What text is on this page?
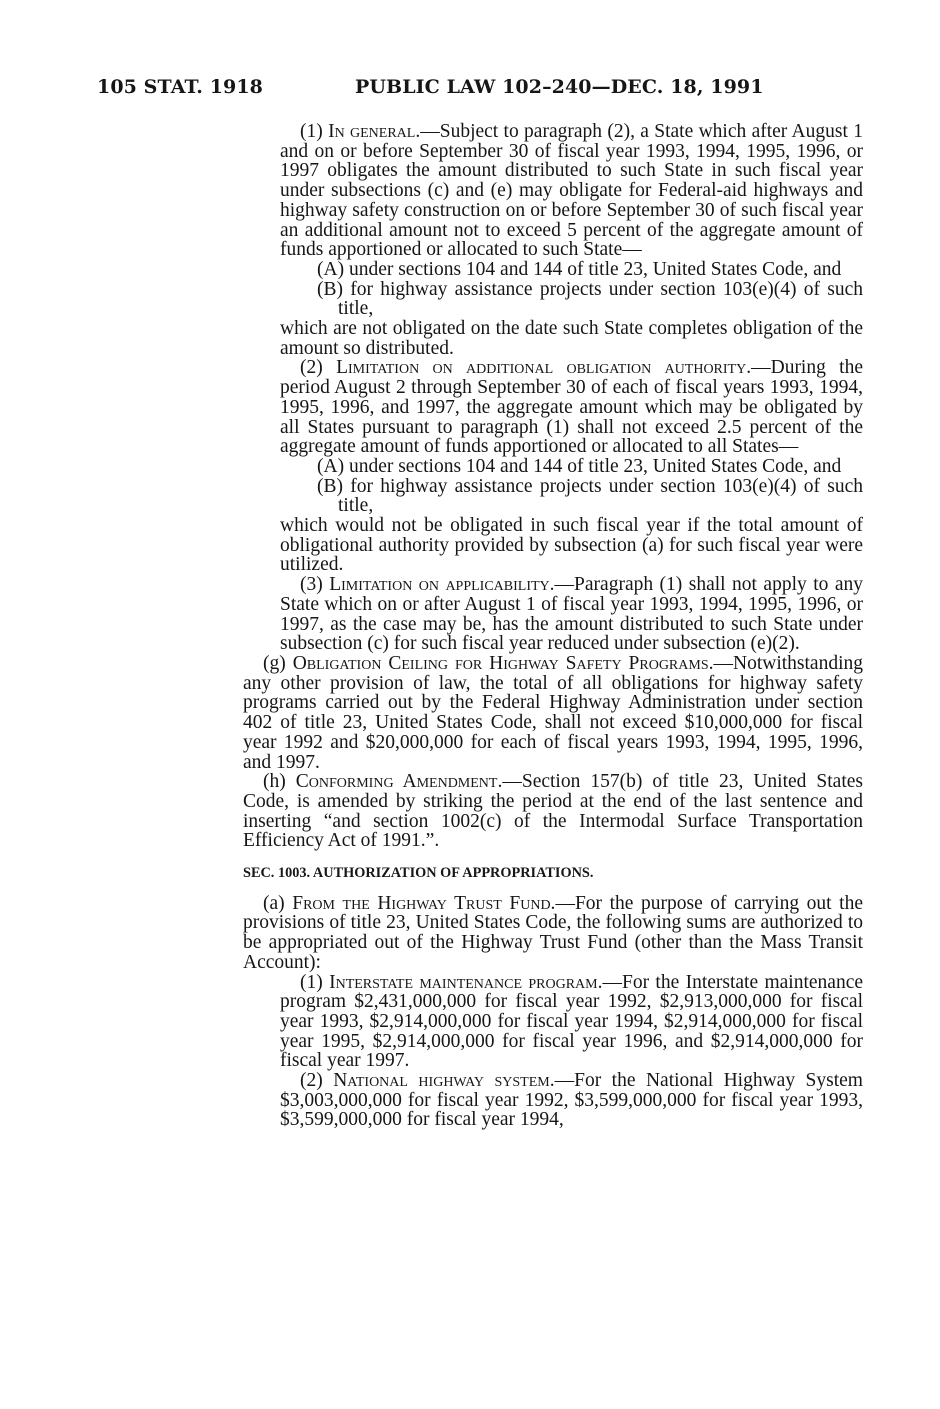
105 STAT. 1918	PUBLIC LAW 102–240—DEC. 18, 1991

(1) In general.—Subject to paragraph (2), a State which after August 1 and on or before September 30 of fiscal year 1993, 1994, 1995, 1996, or 1997 obligates the amount distributed to such State in such fiscal year under subsections (c) and (e) may obligate for Federal-aid highways and highway safety construction on or before September 30 of such fiscal year an additional amount not to exceed 5 percent of the aggregate amount of funds apportioned or allocated to such State—

(A) under sections 104 and 144 of title 23, United States Code, and

(B) for highway assistance projects under section 103(e)(4) of such title,

which are not obligated on the date such State completes obligation of the amount so distributed.

(2) Limitation on additional obligation authority.—During the period August 2 through September 30 of each of fiscal years 1993, 1994, 1995, 1996, and 1997, the aggregate amount which may be obligated by all States pursuant to paragraph (1) shall not exceed 2.5 percent of the aggregate amount of funds apportioned or allocated to all States—

(A) under sections 104 and 144 of title 23, United States Code, and

(B) for highway assistance projects under section 103(e)(4) of such title,

which would not be obligated in such fiscal year if the total amount of obligational authority provided by subsection (a) for such fiscal year were utilized.

(3) Limitation on applicability.—Paragraph (1) shall not apply to any State which on or after August 1 of fiscal year 1993, 1994, 1995, 1996, or 1997, as the case may be, has the amount distributed to such State under subsection (c) for such fiscal year reduced under subsection (e)(2).

(g) Obligation Ceiling for Highway Safety Programs.—Notwithstanding any other provision of law, the total of all obligations for highway safety programs carried out by the Federal Highway Administration under section 402 of title 23, United States Code, shall not exceed $10,000,000 for fiscal year 1992 and $20,000,000 for each of fiscal years 1993, 1994, 1995, 1996, and 1997.

(h) Conforming Amendment.—Section 157(b) of title 23, United States Code, is amended by striking the period at the end of the last sentence and inserting “and section 1002(c) of the Intermodal Surface Transportation Efficiency Act of 1991.”.

SEC. 1003. AUTHORIZATION OF APPROPRIATIONS.

(a) From the Highway Trust Fund.—For the purpose of carrying out the provisions of title 23, United States Code, the following sums are authorized to be appropriated out of the Highway Trust Fund (other than the Mass Transit Account):

(1) Interstate maintenance program.—For the Interstate maintenance program $2,431,000,000 for fiscal year 1992, $2,913,000,000 for fiscal year 1993, $2,914,000,000 for fiscal year 1994, $2,914,000,000 for fiscal year 1995, $2,914,000,000 for fiscal year 1996, and $2,914,000,000 for fiscal year 1997.

(2) National highway system.—For the National Highway System $3,003,000,000 for fiscal year 1992, $3,599,000,000 for fiscal year 1993, $3,599,000,000 for fiscal year 1994,
